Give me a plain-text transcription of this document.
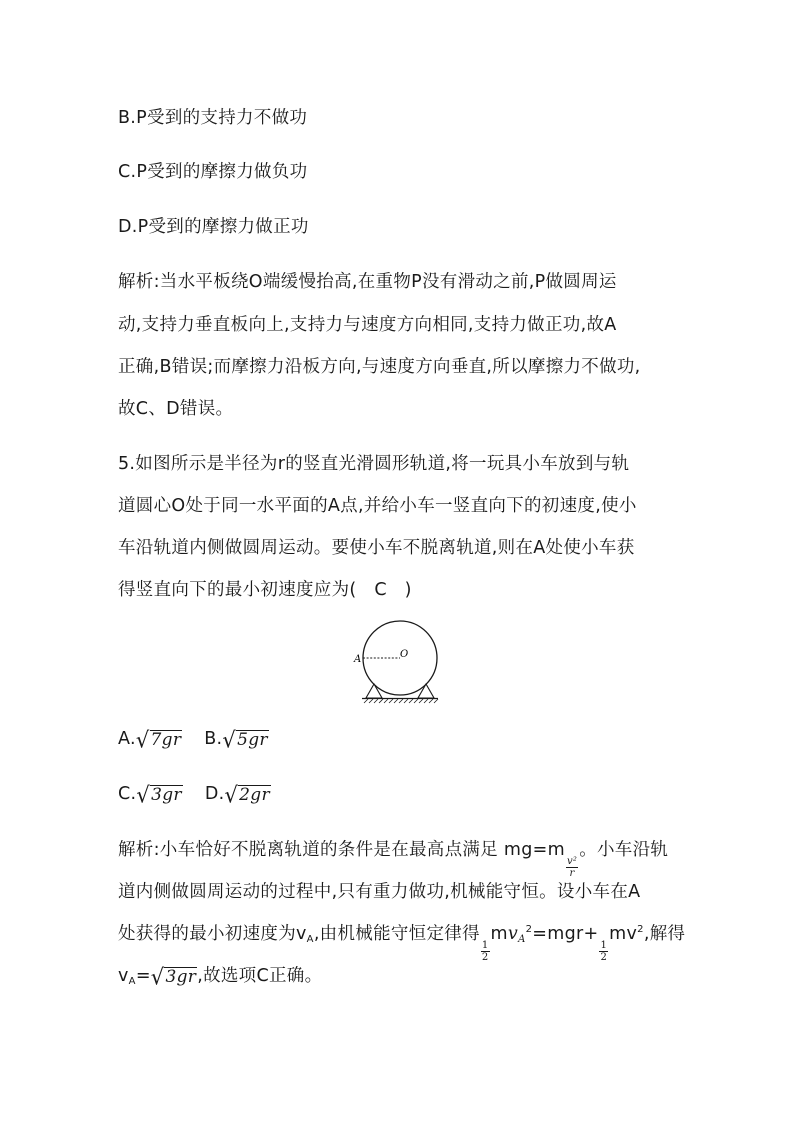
B.P受到的支持力不做功
C.P受到的摩擦力做负功
D.P受到的摩擦力做正功
解析:当水平板绕O端缓慢抬高,在重物P没有滑动之前,P做圆周运
动,支持力垂直板向上,支持力与速度方向相同,支持力做正功,故A
正确,B错误;而摩擦力沿板方向,与速度方向垂直,所以摩擦力不做功,
故C、D错误。
5.如图所示是半径为r的竖直光滑圆形轨道,将一玩具小车放到与轨
道圆心O处于同一水平面的A点,并给小车一竖直向下的初速度,使小
车沿轨道内侧做圆周运动。要使小车不脱离轨道,则在A处使小车获
得竖直向下的最小初速度应为(　C　)
A	O
A. √ 7gr B. √ 5gr
C. √ 3gr D. √ 2gr
解析:小车恰好不脱离轨道的条件是在最高点满足 mg=m
$\frac{\text{v²}}{r}$
。小车沿轨
道内侧做圆周运动的过程中,只有重力做功,机械能守恒。设小车在A
处获得的最小初速度为$v_A$,由机械能守恒定律得
$\frac{1}{2}$
$mv_A^2=mgr+$
$\frac{1}{2}$
$mv^2$,解得
$v_A=$ √ 3gr ,故选项C正确。
